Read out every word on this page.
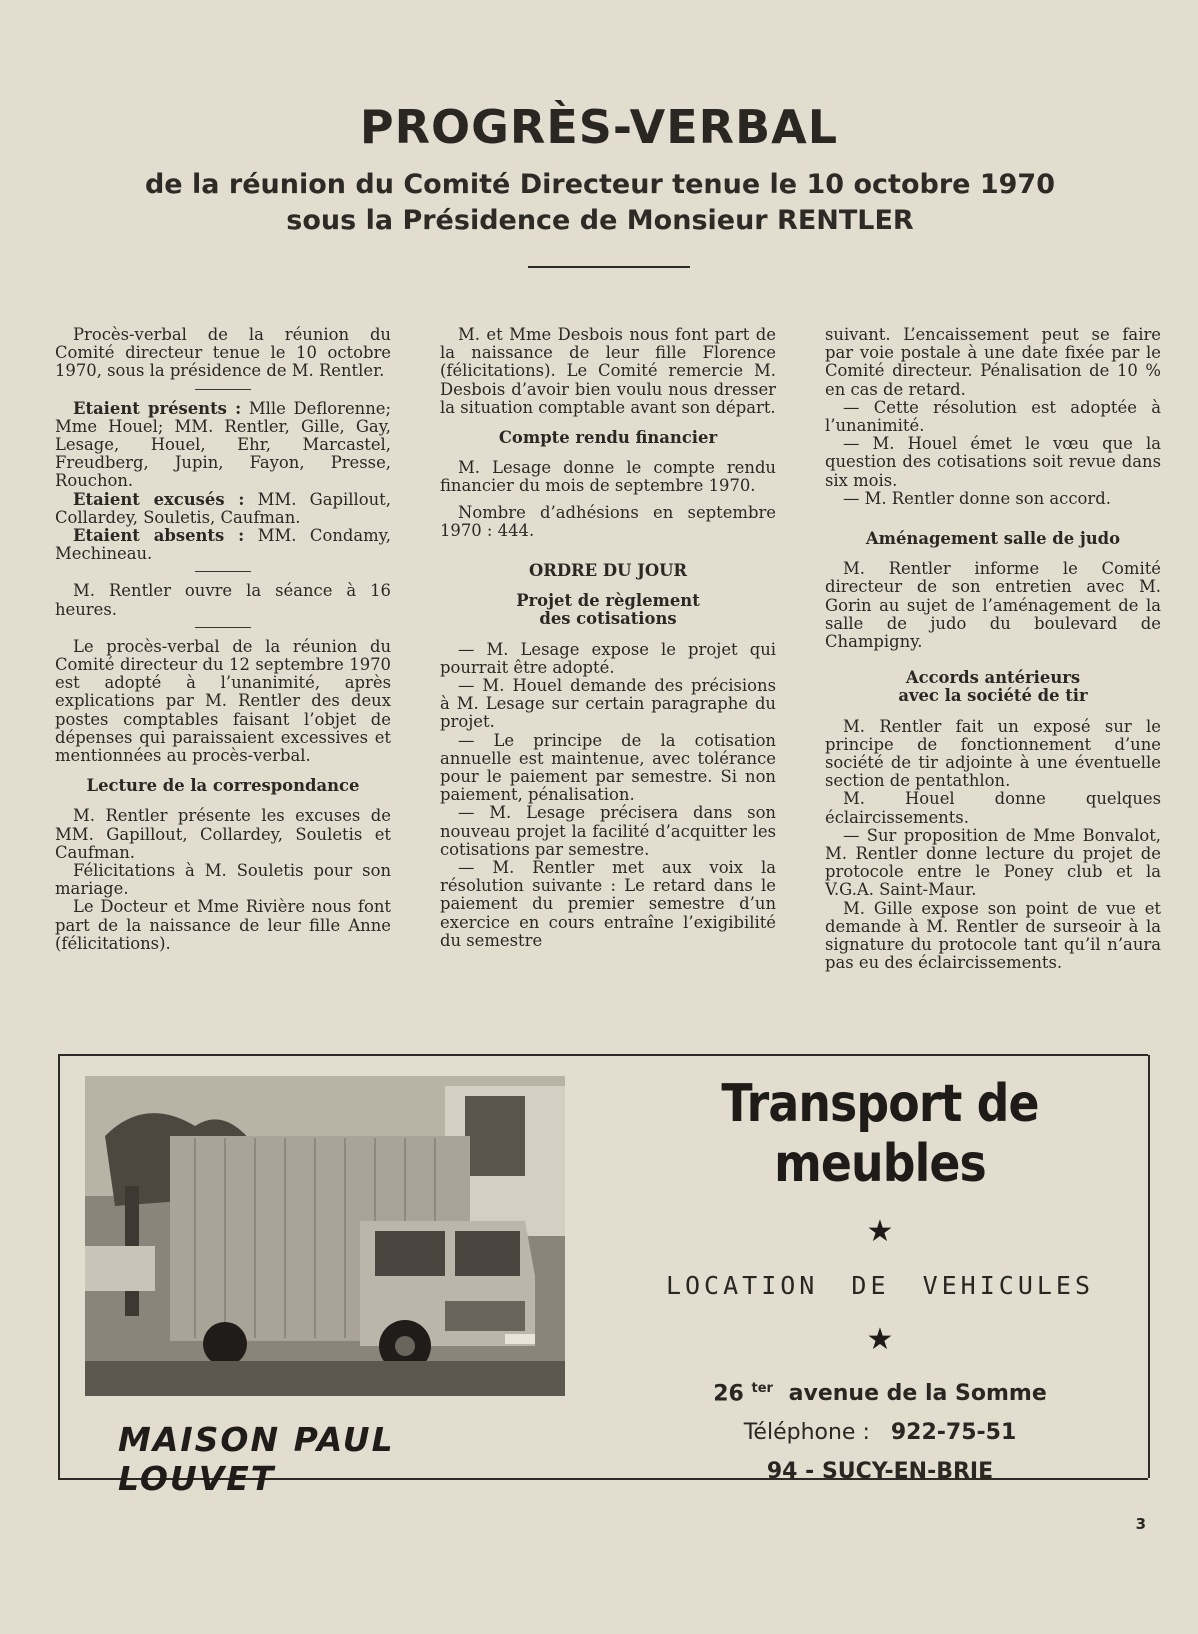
PROGRÈS-VERBAL
de la réunion du Comité Directeur tenue le 10 octobre 1970
sous la Présidence de Monsieur RENTLER

Procès-verbal de la réunion du Comité directeur tenue le 10 octobre 1970, sous la présidence de M. Rentler.

Etaient présents : Mlle Deflorenne; Mme Houel; MM. Rentler, Gille, Gay, Lesage, Houel, Ehr, Marcastel, Freudberg, Jupin, Fayon, Presse, Rouchon.

Etaient excusés : MM. Gapillout, Collardey, Souletis, Caufman.

Etaient absents : MM. Condamy, Mechineau.

M. Rentler ouvre la séance à 16 heures.

Le procès-verbal de la réunion du Comité directeur du 12 septembre 1970 est adopté à l’unanimité, après explications par M. Rentler des deux postes comptables faisant l’objet de dépenses qui paraissaient excessives et mentionnées au procès-verbal.

Lecture de la correspondance

M. Rentler présente les excuses de MM. Gapillout, Collardey, Souletis et Caufman.

Félicitations à M. Souletis pour son mariage.

Le Docteur et Mme Rivière nous font part de la naissance de leur fille Anne (félicitations).

M. et Mme Desbois nous font part de la naissance de leur fille Florence (félicitations). Le Comité remercie M. Desbois d’avoir bien voulu nous dresser la situation comptable avant son départ.

Compte rendu financier

M. Lesage donne le compte rendu financier du mois de septembre 1970.

Nombre d’adhésions en septembre 1970 : 444.

ORDRE DU JOUR
Projet de règlement
des cotisations

— M. Lesage expose le projet qui pourrait être adopté.

— M. Houel demande des précisions à M. Lesage sur certain paragraphe du projet.

— Le principe de la cotisation annuelle est maintenue, avec tolérance pour le paiement par semestre. Si non paiement, pénalisation.

— M. Lesage précisera dans son nouveau projet la facilité d’acquitter les cotisations par semestre.

— M. Rentler met aux voix la résolution suivante : Le retard dans le paiement du premier semestre d’un exercice en cours entraîne l’exigibilité du semestre

suivant. L’encaissement peut se faire par voie postale à une date fixée par le Comité directeur. Pénalisation de 10 % en cas de retard.

— Cette résolution est adoptée à l’unanimité.

— M. Houel émet le vœu que la question des cotisations soit revue dans six mois.

— M. Rentler donne son accord.

Aménagement salle de judo

M. Rentler informe le Comité directeur de son entretien avec M. Gorin au sujet de l’aménagement de la salle de judo du boulevard de Champigny.

Accords antérieurs
avec la société de tir

M. Rentler fait un exposé sur le principe de fonctionnement d’une société de tir adjointe à une éventuelle section de pentathlon.

M. Houel donne quelques éclaircissements.

— Sur proposition de Mme Bonvalot, M. Rentler donne lecture du projet de protocole entre le Poney club et la V.G.A. Saint-Maur.

M. Gille expose son point de vue et demande à M. Rentler de surseoir à la signature du protocole tant qu’il n’aura pas eu des éclaircissements.

MAISON PAUL LOUVET
Transport de meubles
★
LOCATION DE VEHICULES
★
26 $^{ter}$ avenue de la Somme
Téléphone : 922-75-51
94 - SUCY-EN-BRIE
3
